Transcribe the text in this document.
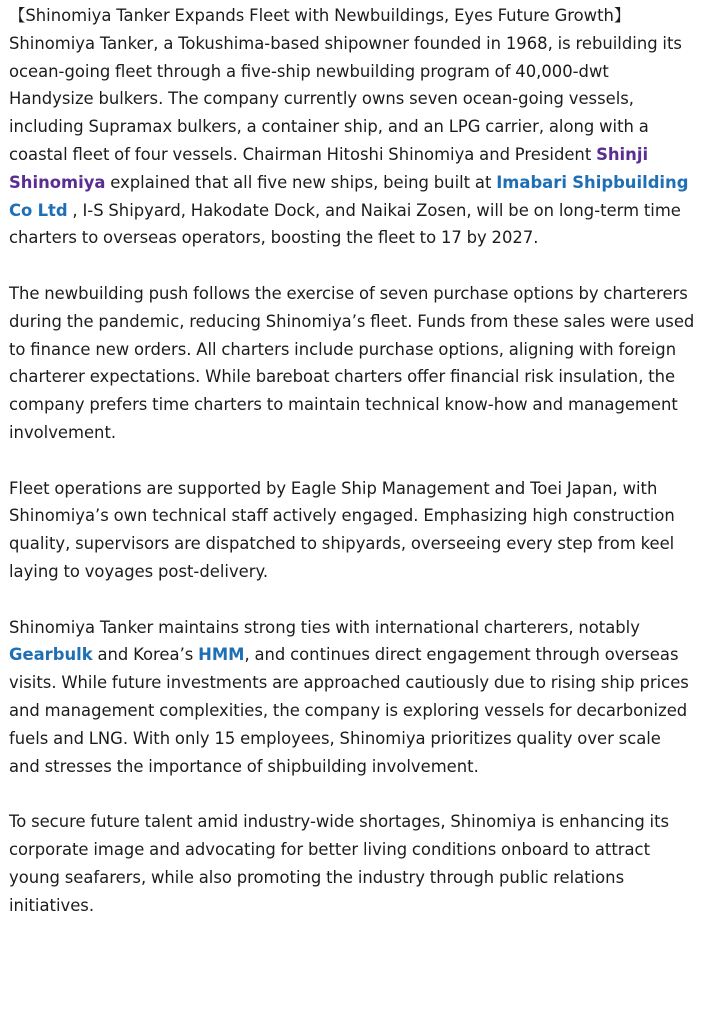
【Shinomiya Tanker Expands Fleet with Newbuildings, Eyes Future Growth】 Shinomiya Tanker, a Tokushima-based shipowner founded in 1968, is rebuilding its ocean-going fleet through a five-ship newbuilding program of 40,000-dwt Handysize bulkers. The company currently owns seven ocean-going vessels, including Supramax bulkers, a container ship, and an LPG carrier, along with a coastal fleet of four vessels. Chairman Hitoshi Shinomiya and President Shinji Shinomiya explained that all five new ships, being built at Imabari Shipbuilding Co Ltd , I-S Shipyard, Hakodate Dock, and Naikai Zosen, will be on long-term time charters to overseas operators, boosting the fleet to 17 by 2027.

The newbuilding push follows the exercise of seven purchase options by charterers during the pandemic, reducing Shinomiya’s fleet. Funds from these sales were used to finance new orders. All charters include purchase options, aligning with foreign charterer expectations. While bareboat charters offer financial risk insulation, the company prefers time charters to maintain technical know-how and management involvement.

Fleet operations are supported by Eagle Ship Management and Toei Japan, with Shinomiya’s own technical staff actively engaged. Emphasizing high construction quality, supervisors are dispatched to shipyards, overseeing every step from keel laying to voyages post-delivery.

Shinomiya Tanker maintains strong ties with international charterers, notably Gearbulk and Korea’s HMM, and continues direct engagement through overseas visits. While future investments are approached cautiously due to rising ship prices and management complexities, the company is exploring vessels for decarbonized fuels and LNG. With only 15 employees, Shinomiya prioritizes quality over scale and stresses the importance of shipbuilding involvement.

To secure future talent amid industry-wide shortages, Shinomiya is enhancing its corporate image and advocating for better living conditions onboard to attract young seafarers, while also promoting the industry through public relations initiatives.
